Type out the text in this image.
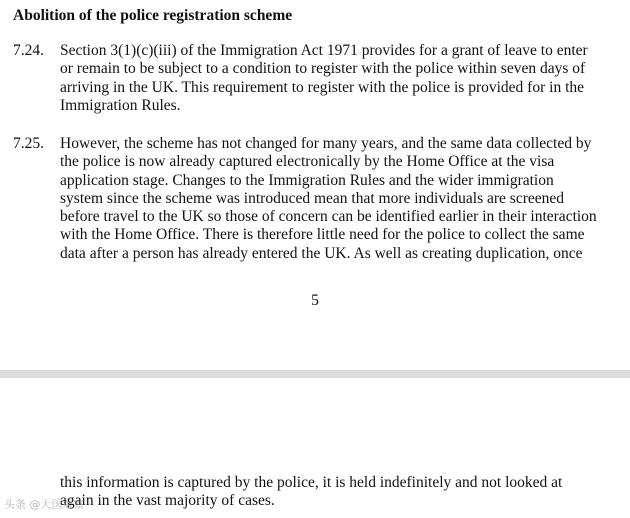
Abolition of the police registration scheme
7.24. Section 3(1)(c)(iii) of the Immigration Act 1971 provides for a grant of leave to enter
or remain to be subject to a condition to register with the police within seven days of
arriving in the UK. This requirement to register with the police is provided for in the
Immigration Rules.
7.25. However, the scheme has not changed for many years, and the same data collected by
the police is now already captured electronically by the Home Office at the visa
application stage. Changes to the Immigration Rules and the wider immigration
system since the scheme was introduced mean that more individuals are screened
before travel to the UK so those of concern can be identified earlier in their interaction
with the Home Office. There is therefore little need for the police to collect the same
data after a person has already entered the UK. As well as creating duplication, once
5
this information is captured by the police, it is held indefinitely and not looked at
again in the vast majority of cases.
头条 @大国观察
